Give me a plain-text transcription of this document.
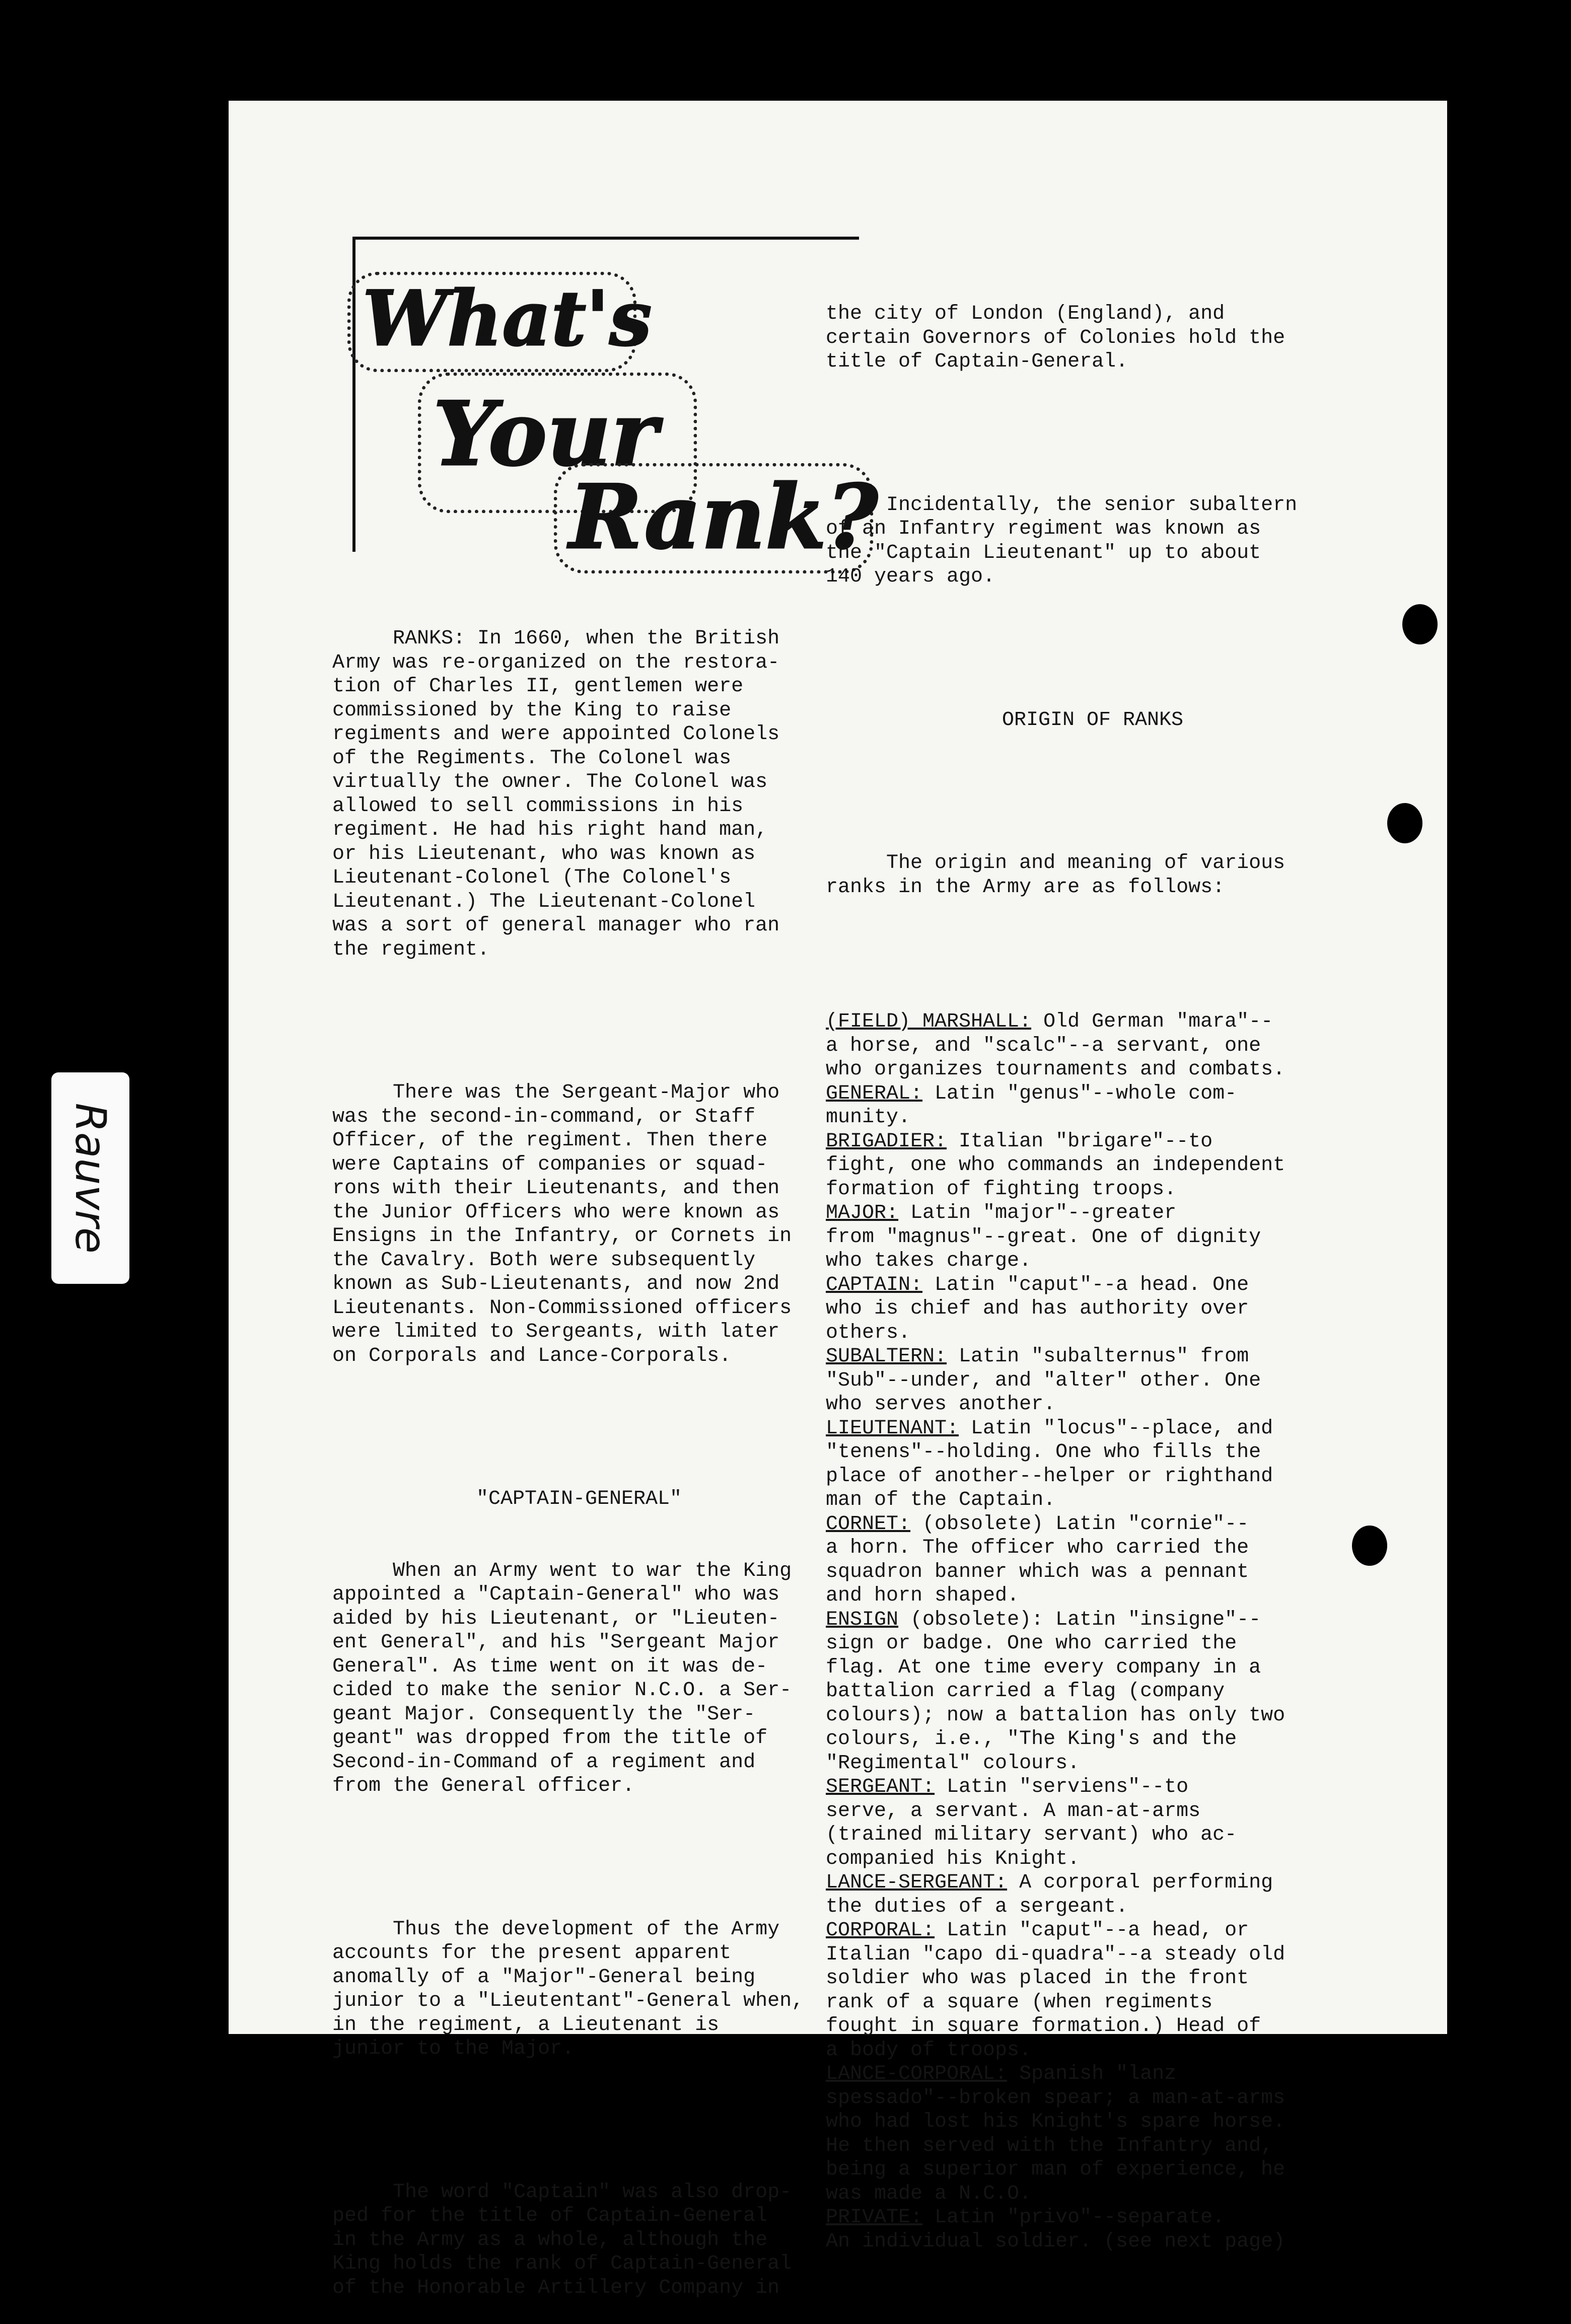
Rauvre
What's
Your
Rank?

RANKS: In 1660, when the British
Army was re-organized on the restora-
tion of Charles II, gentlemen were
commissioned by the King to raise
regiments and were appointed Colonels
of the Regiments. The Colonel was
virtually the owner. The Colonel was
allowed to sell commissions in his
regiment. He had his right hand man,
or his Lieutenant, who was known as
Lieutenant-Colonel (The Colonel's
Lieutenant.) The Lieutenant-Colonel
was a sort of general manager who ran
the regiment.

There was the Sergeant-Major who
was the second-in-command, or Staff
Officer, of the regiment. Then there
were Captains of companies or squad-
rons with their Lieutenants, and then
the Junior Officers who were known as
Ensigns in the Infantry, or Cornets in
the Cavalry. Both were subsequently
known as Sub-Lieutenants, and now 2nd
Lieutenants. Non-Commissioned officers
were limited to Sergeants, with later
on Corporals and Lance-Corporals.

"CAPTAIN-GENERAL"

When an Army went to war the King
appointed a "Captain-General" who was
aided by his Lieutenant, or "Lieuten-
ent General", and his "Sergeant Major
General". As time went on it was de-
cided to make the senior N.C.O. a Ser-
geant Major. Consequently the "Ser-
geant" was dropped from the title of
Second-in-Command of a regiment and
from the General officer.

Thus the development of the Army
accounts for the present apparent
anomally of a "Major"-General being
junior to a "Lieutentant"-General when,
in the regiment, a Lieutenant is
junior to the Major.

The word "Captain" was also drop-
ped for the title of Captain-General
in the Army as a whole, although the
King holds the rank of Captain-General
of the Honorable Artillery Company in

the city of London (England), and
certain Governors of Colonies hold the
title of Captain-General.

Incidentally, the senior subaltern
of an Infantry regiment was known as
the "Captain Lieutenant" up to about
140 years ago.

ORIGIN OF RANKS

The origin and meaning of various
ranks in the Army are as follows:

(FIELD) MARSHALL: Old German "mara"--
a horse, and "scalc"--a servant, one
who organizes tournaments and combats.

GENERAL: Latin "genus"--whole com-
munity.

BRIGADIER: Italian "brigare"--to
fight, one who commands an independent
formation of fighting troops.

MAJOR: Latin "major"--greater
from "magnus"--great. One of dignity
who takes charge.

CAPTAIN: Latin "caput"--a head. One
who is chief and has authority over
others.

SUBALTERN: Latin "subalternus" from
"Sub"--under, and "alter" other. One
who serves another.

LIEUTENANT: Latin "locus"--place, and
"tenens"--holding. One who fills the
place of another--helper or righthand
man of the Captain.

CORNET: (obsolete) Latin "cornie"--
a horn. The officer who carried the
squadron banner which was a pennant
and horn shaped.

ENSIGN (obsolete): Latin "insigne"--
sign or badge. One who carried the
flag. At one time every company in a
battalion carried a flag (company
colours); now a battalion has only two
colours, i.e., "The King's and the
"Regimental" colours.

SERGEANT: Latin "serviens"--to
serve, a servant. A man-at-arms
(trained military servant) who ac-
companied his Knight.

LANCE-SERGEANT: A corporal performing
the duties of a sergeant.

CORPORAL: Latin "caput"--a head, or
Italian "capo di-quadra"--a steady old
soldier who was placed in the front
rank of a square (when regiments
fought in square formation.) Head of
a body of troops.

LANCE-CORPORAL: Spanish "lanz
spessado"--broken spear; a man-at-arms
who had lost his Knight's spare horse.
He then served with the Infantry and,
being a superior man of experience, he
was made a N.C.O.

PRIVATE: Latin "privo"--separate.
An individual soldier. (see next page)
